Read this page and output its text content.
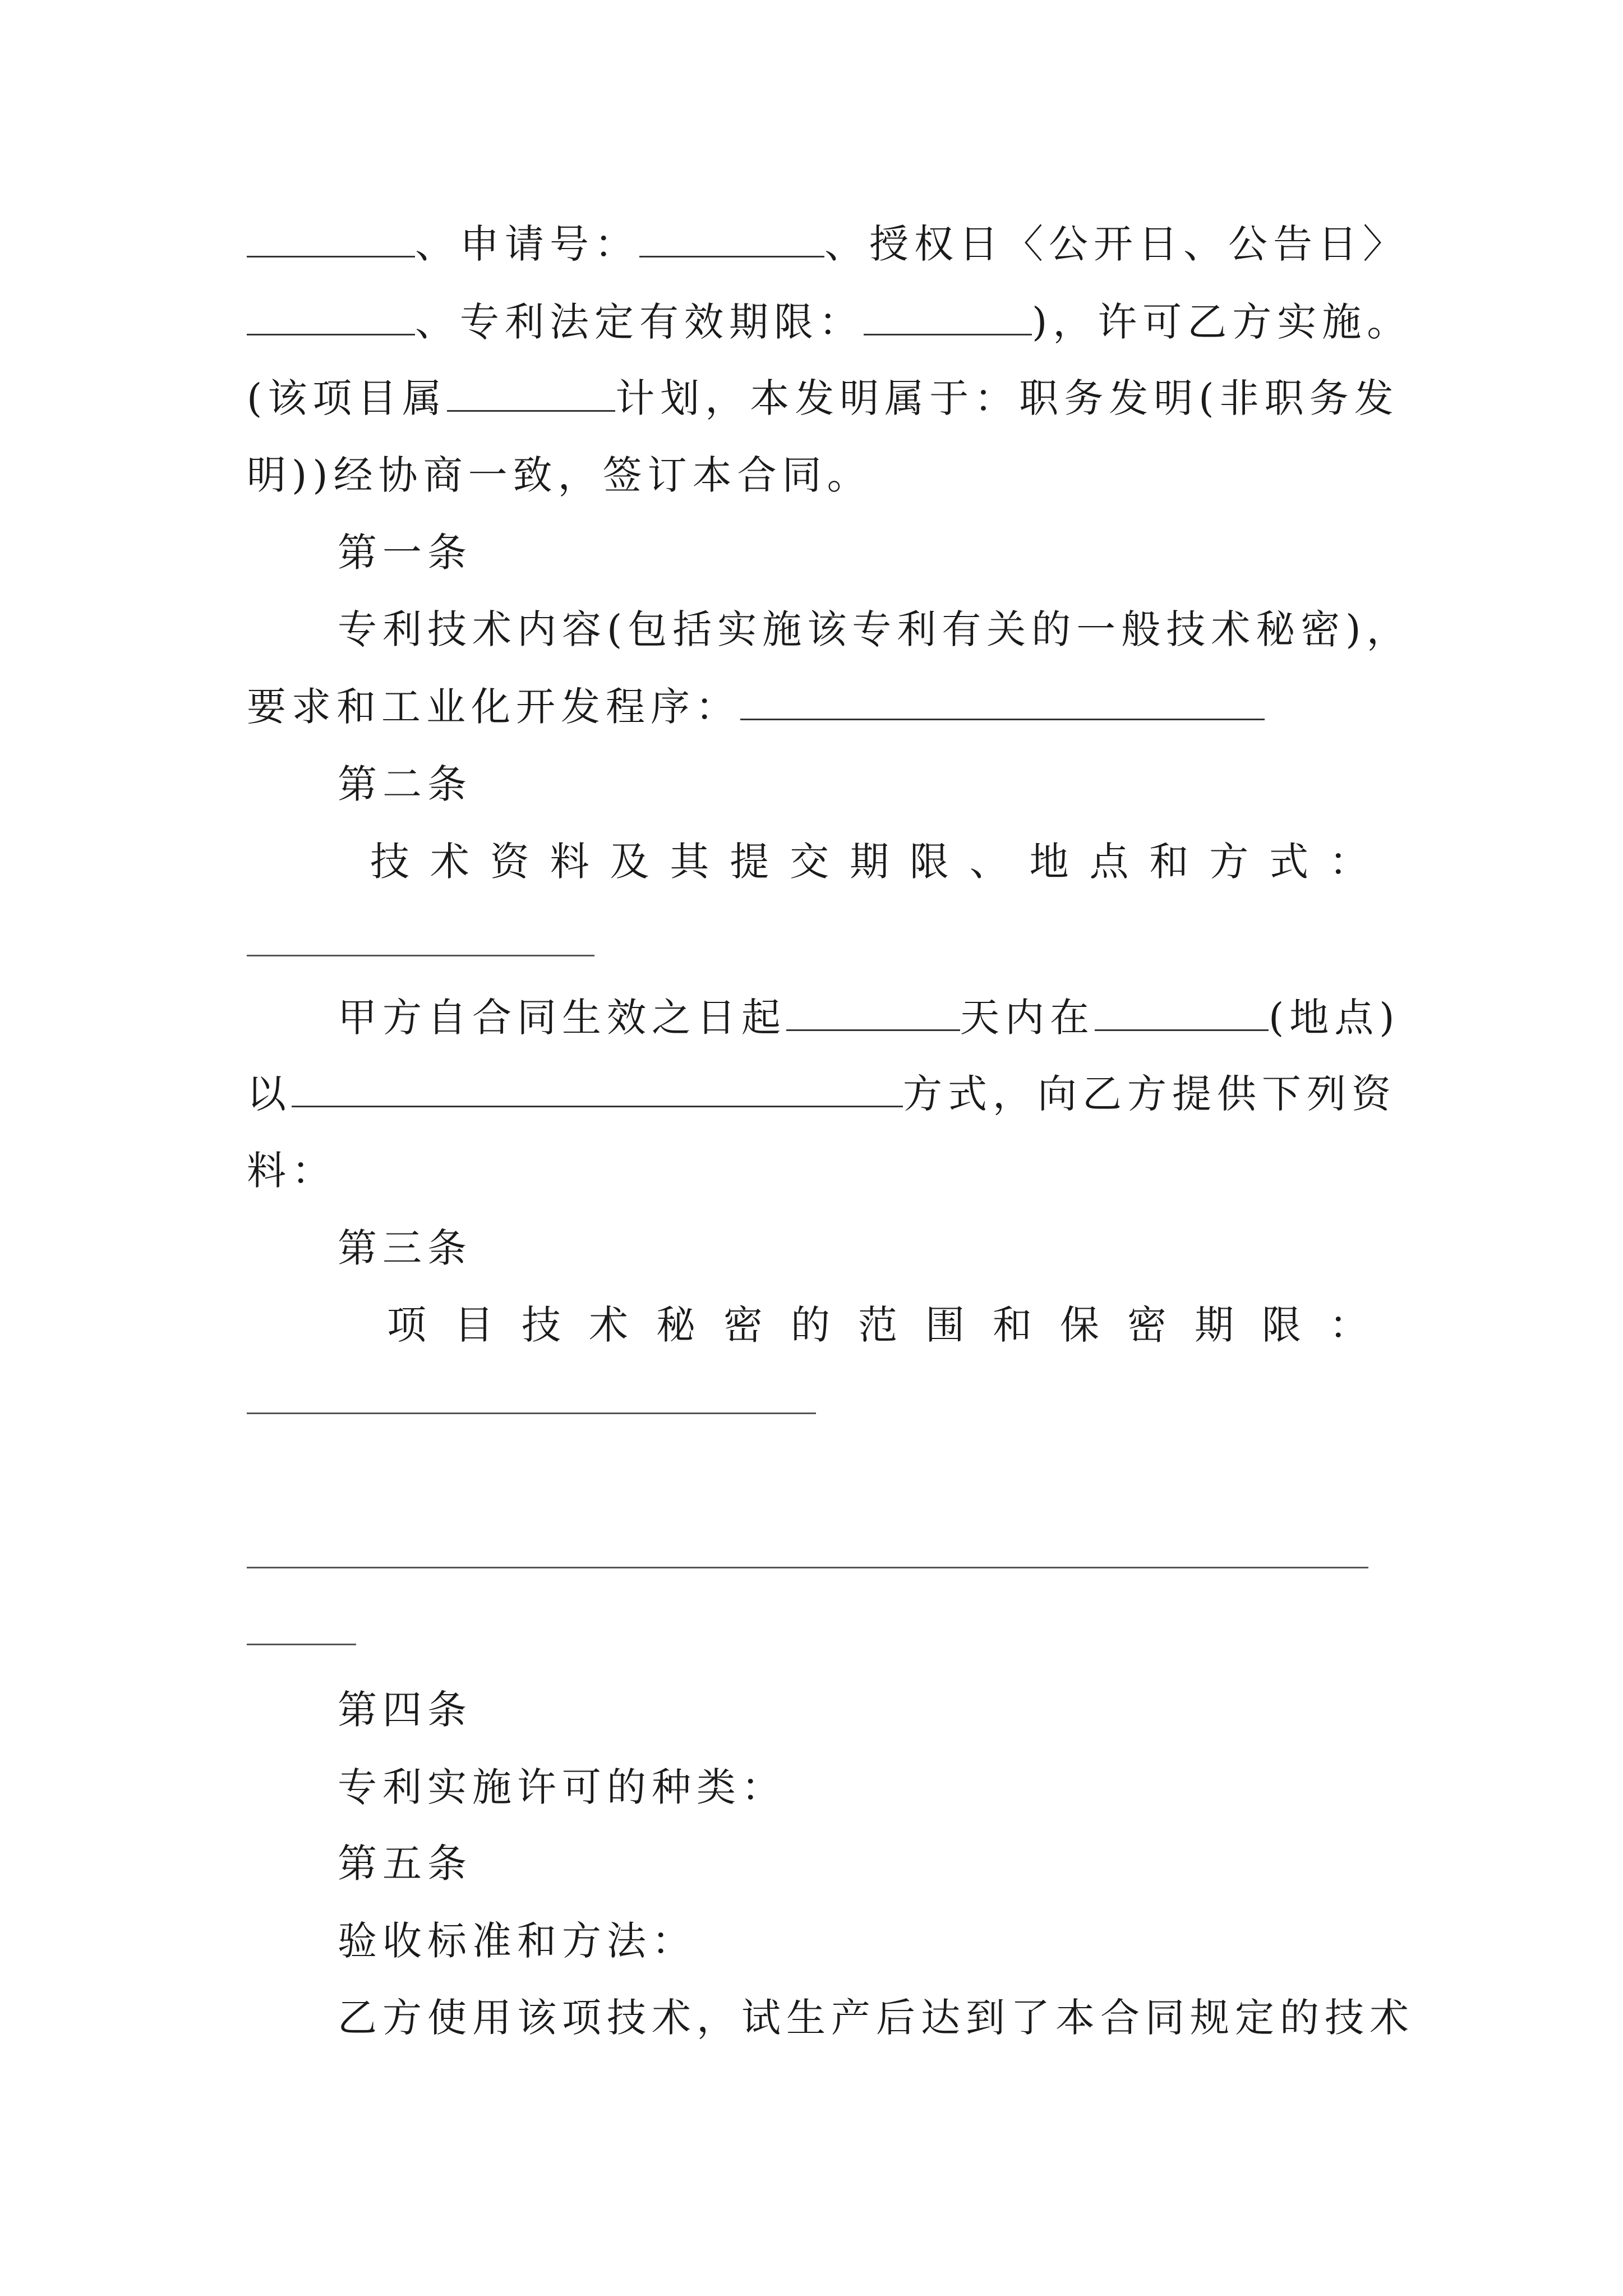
、申请号：	、授权日〈公开日、公告日〉
、专利法定有效期限：	)，许可乙方实施。
(该项目属	计划，本发明属于：职务发明(非职务发
明))经协商一致，签订本合同。
第一条
专利技术内容(包括实施该专利有关的一般技术秘密)，
要求和工业化开发程序：
第二条
技 术 资 料 及 其 提 交 期 限 、 地 点 和 方 式 ：
甲方自合同生效之日起	天内在	(地点)
以	方式，向乙方提供下列资
料：
第三条
项 目 技 术 秘 密 的 范 围 和 保 密 期 限 ：
第四条
专利实施许可的种类：
第五条
验收标准和方法：
乙方使用该项技术，试生产后达到了本合同规定的技术
